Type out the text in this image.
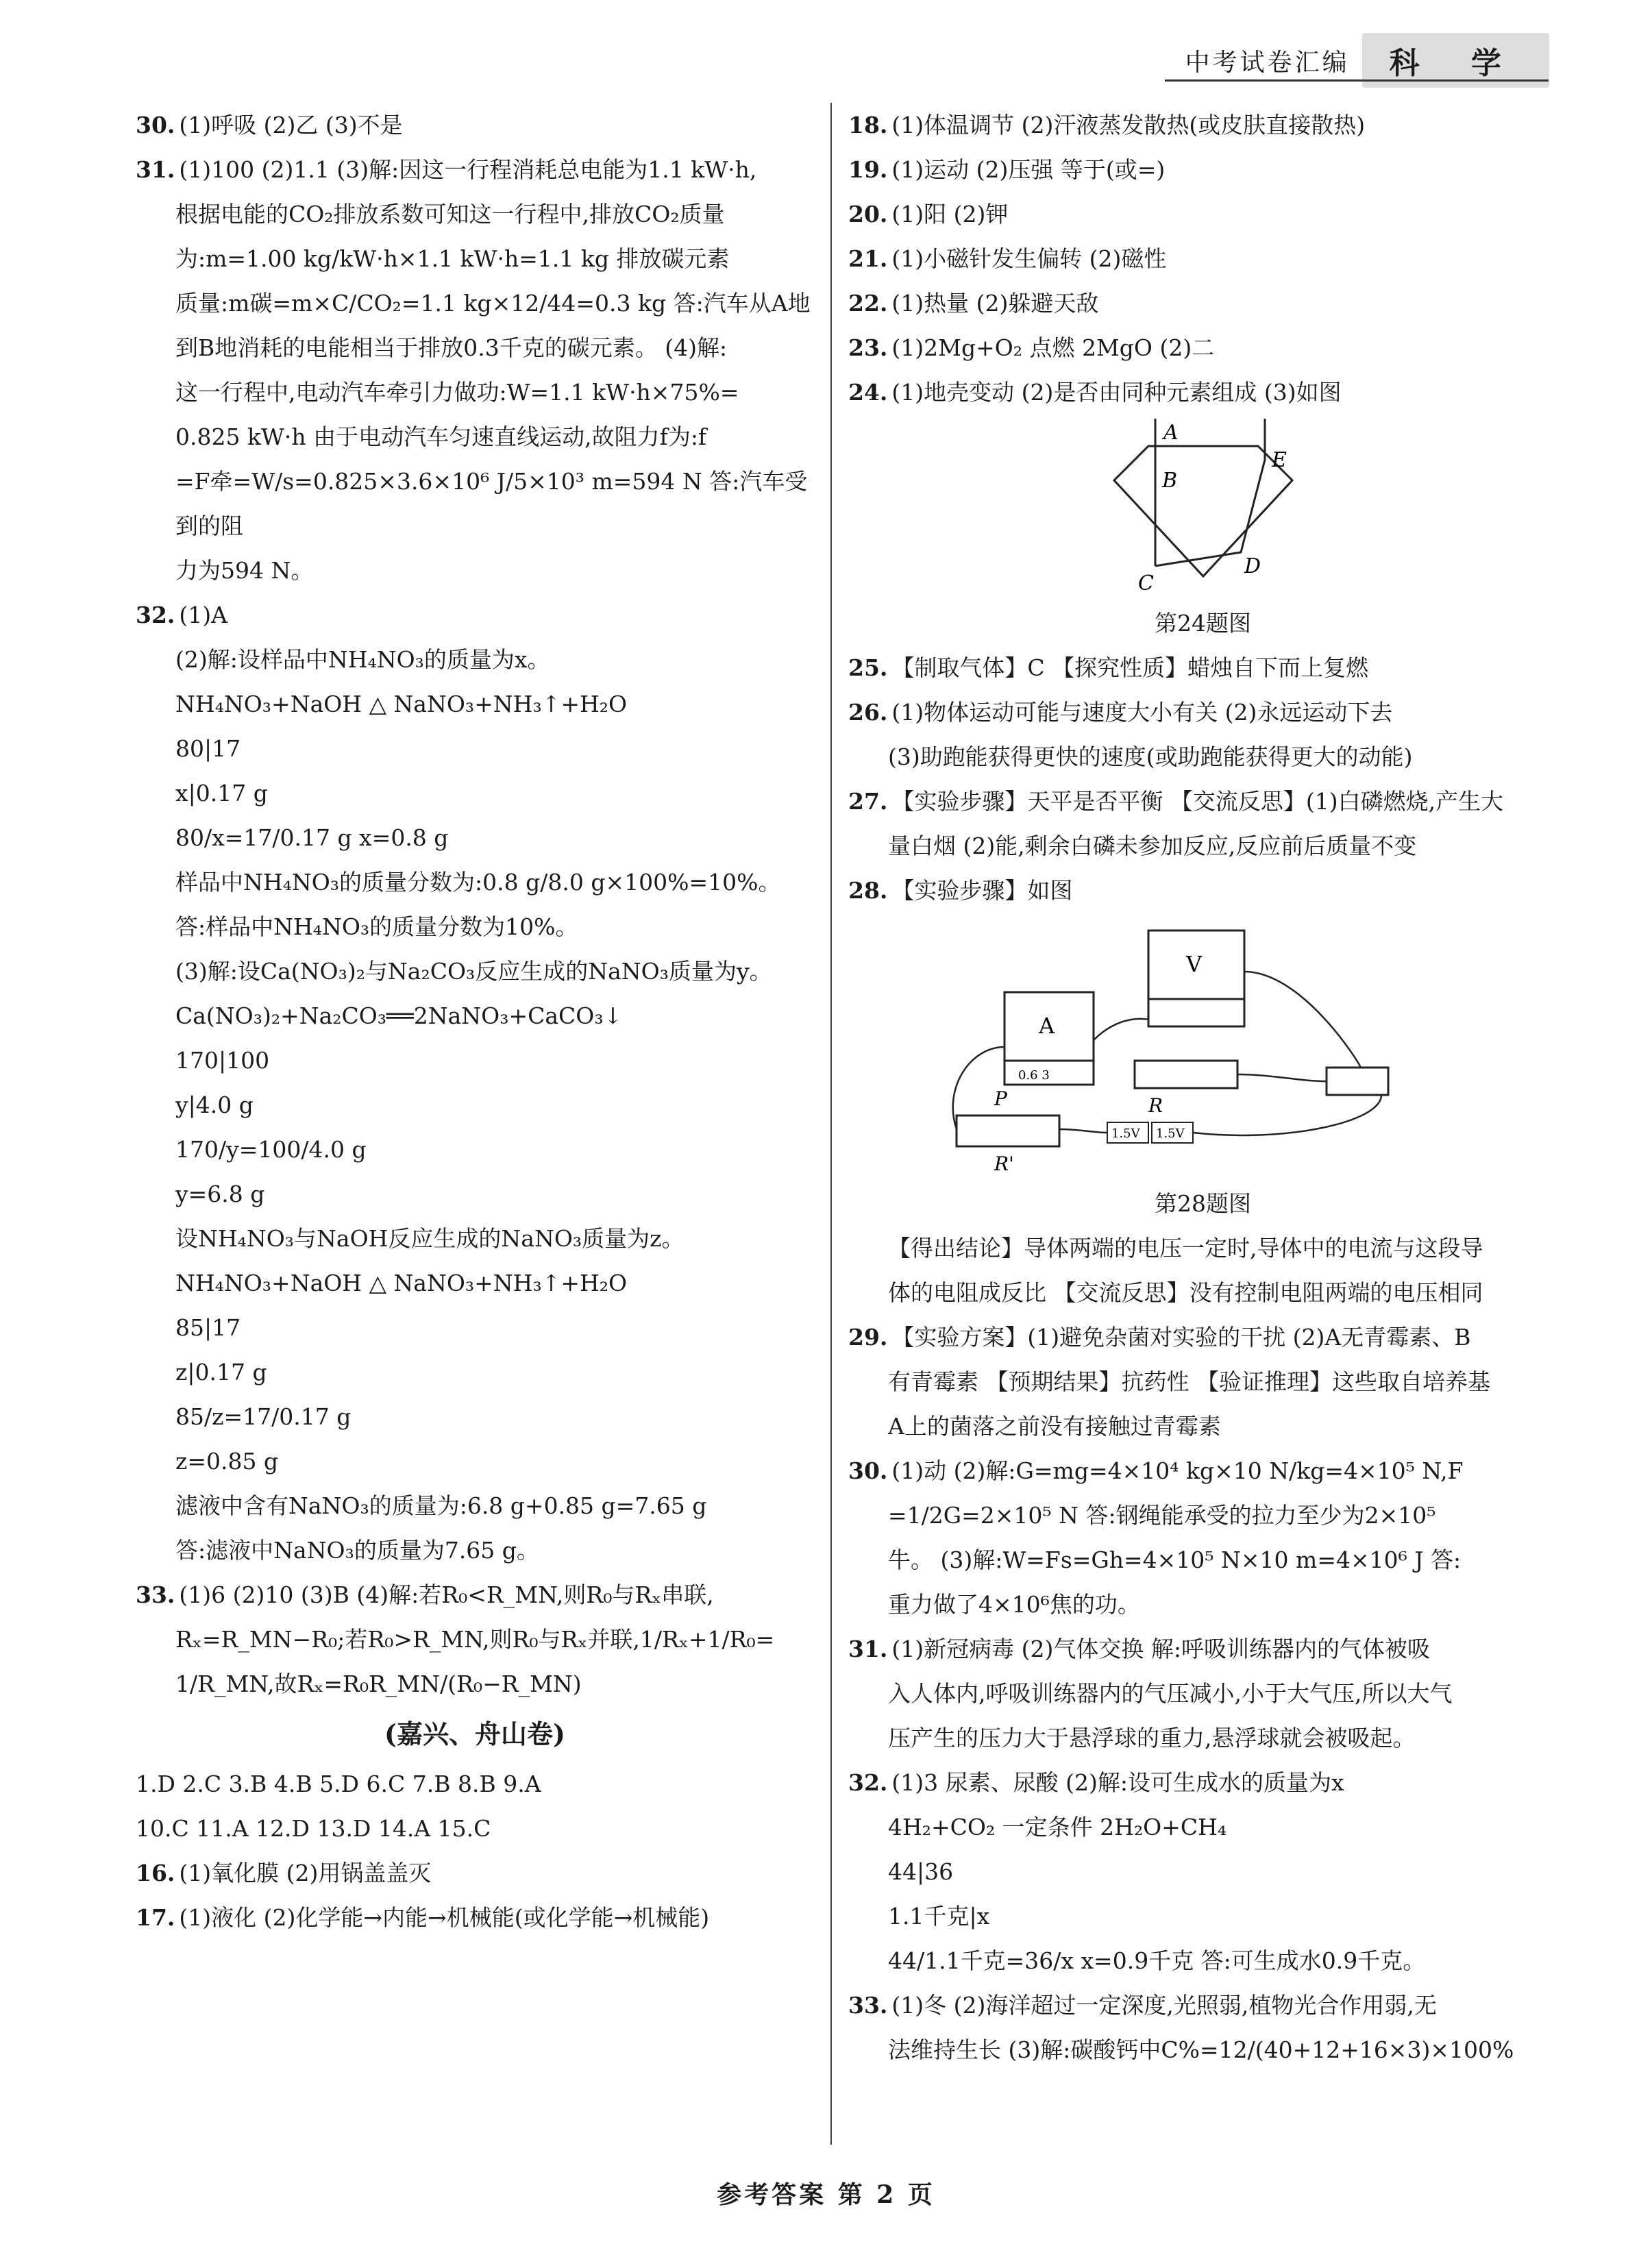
中考试卷汇编	科 学

30. (1)呼吸 (2)乙 (3)不是

31. (1)100 (2)1.1 (3)解:因这一行程消耗总电能为1.1 kW·h,

根据电能的CO₂排放系数可知这一行程中,排放CO₂质量

为:m=1.00 kg/kW·h×1.1 kW·h=1.1 kg 排放碳元素

质量:m碳=m×C/CO₂=1.1 kg×12/44=0.3 kg 答:汽车从A地

到B地消耗的电能相当于排放0.3千克的碳元素。 (4)解:

这一行程中,电动汽车牵引力做功:W=1.1 kW·h×75%=

0.825 kW·h 由于电动汽车匀速直线运动,故阻力f为:f

=F牵=W/s=0.825×3.6×10⁶ J/5×10³ m=594 N 答:汽车受到的阻

力为594 N。

32. (1)A

(2)解:设样品中NH₄NO₃的质量为x。

NH₄NO₃+NaOH △ NaNO₃+NH₃↑+H₂O

80|17

x|0.17 g

80/x=17/0.17 g x=0.8 g

样品中NH₄NO₃的质量分数为:0.8 g/8.0 g×100%=10%。

答:样品中NH₄NO₃的质量分数为10%。

(3)解:设Ca(NO₃)₂与Na₂CO₃反应生成的NaNO₃质量为y。

Ca(NO₃)₂+Na₂CO₃══2NaNO₃+CaCO₃↓

170|100

y|4.0 g

170/y=100/4.0 g

y=6.8 g

设NH₄NO₃与NaOH反应生成的NaNO₃质量为z。

NH₄NO₃+NaOH △ NaNO₃+NH₃↑+H₂O

85|17

z|0.17 g

85/z=17/0.17 g

z=0.85 g

滤液中含有NaNO₃的质量为:6.8 g+0.85 g=7.65 g

答:滤液中NaNO₃的质量为7.65 g。

33. (1)6 (2)10 (3)B (4)解:若R₀<R_MN,则R₀与Rₓ串联,

Rₓ=R_MN−R₀;若R₀>R_MN,则R₀与Rₓ并联,1/Rₓ+1/R₀=

1/R_MN,故Rₓ=R₀R_MN/(R₀−R_MN)

(嘉兴、舟山卷)

1.D 2.C 3.B 4.B 5.D 6.C 7.B 8.B 9.A

10.C 11.A 12.D 13.D 14.A 15.C

16. (1)氧化膜 (2)用锅盖盖灭

17. (1)液化 (2)化学能→内能→机械能(或化学能→机械能)

18. (1)体温调节 (2)汗液蒸发散热(或皮肤直接散热)

19. (1)运动 (2)压强 等于(或=)

20. (1)阳 (2)钾

21. (1)小磁针发生偏转 (2)磁性

22. (1)热量 (2)躲避天敌

23. (1)2Mg+O₂ 点燃 2MgO (2)二

24. (1)地壳变动 (2)是否由同种元素组成 (3)如图

A
B
C
D
E

第24题图

25. 【制取气体】C 【探究性质】蜡烛自下而上复燃

26. (1)物体运动可能与速度大小有关 (2)永远运动下去

(3)助跑能获得更快的速度(或助跑能获得更大的动能)

27. 【实验步骤】天平是否平衡 【交流反思】(1)白磷燃烧,产生大

量白烟 (2)能,剩余白磷未参加反应,反应前后质量不变

28. 【实验步骤】如图

V
A
0.6 3
R
P
R'
1.5V 1.5V

第28题图

【得出结论】导体两端的电压一定时,导体中的电流与这段导

体的电阻成反比 【交流反思】没有控制电阻两端的电压相同

29. 【实验方案】(1)避免杂菌对实验的干扰 (2)A无青霉素、B

有青霉素 【预期结果】抗药性 【验证推理】这些取自培养基

A上的菌落之前没有接触过青霉素

30. (1)动 (2)解:G=mg=4×10⁴ kg×10 N/kg=4×10⁵ N,F

=1/2G=2×10⁵ N 答:钢绳能承受的拉力至少为2×10⁵

牛。 (3)解:W=Fs=Gh=4×10⁵ N×10 m=4×10⁶ J 答:

重力做了4×10⁶焦的功。

31. (1)新冠病毒 (2)气体交换 解:呼吸训练器内的气体被吸

入人体内,呼吸训练器内的气压减小,小于大气压,所以大气

压产生的压力大于悬浮球的重力,悬浮球就会被吸起。

32. (1)3 尿素、尿酸 (2)解:设可生成水的质量为x

4H₂+CO₂ 一定条件 2H₂O+CH₄

44|36

1.1千克|x

44/1.1千克=36/x x=0.9千克 答:可生成水0.9千克。

33. (1)冬 (2)海洋超过一定深度,光照弱,植物光合作用弱,无

法维持生长 (3)解:碳酸钙中C%=12/(40+12+16×3)×100%

参考答案 第 2 页
